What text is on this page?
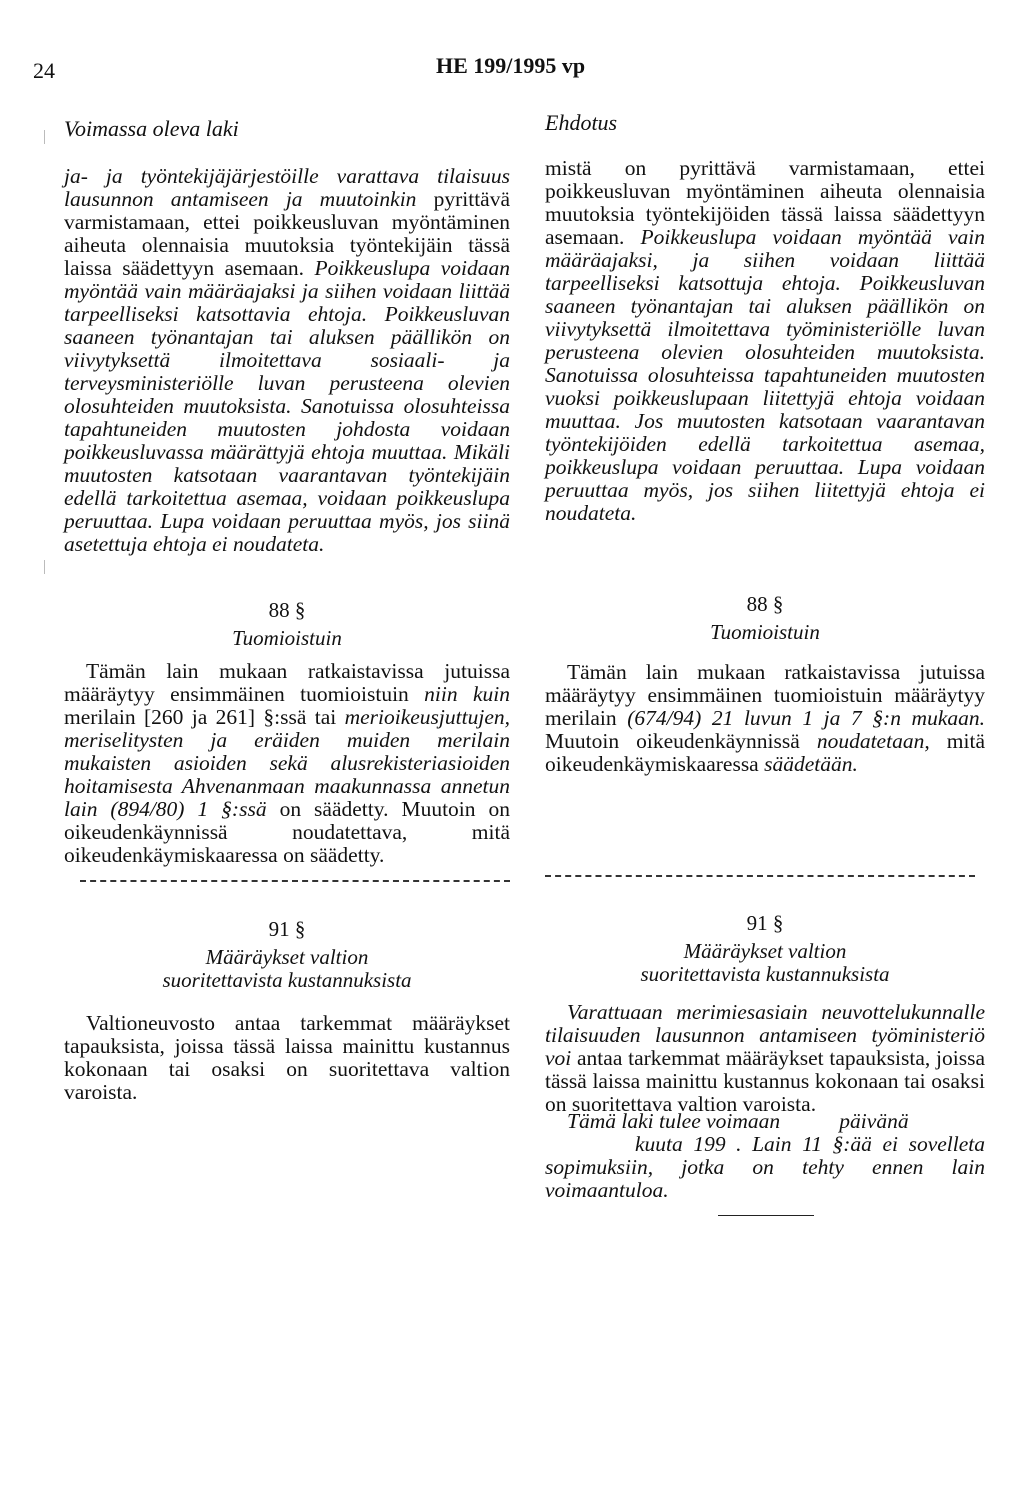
24	HE 199/1995 vp
Voimassa oleva laki	Ehdotus

ja- ja työntekijäjärjestöille varattava tilaisuus lausunnon antamiseen ja muutoinkin pyrittävä varmistamaan, ettei poikkeusluvan myöntäminen aiheuta olennaisia muutoksia työntekijäin tässä laissa säädettyyn asemaan. Poikkeuslupa voidaan myöntää vain määräajaksi ja siihen voidaan liittää tarpeelliseksi katsottavia ehtoja. Poikkeusluvan saaneen työnantajan tai aluksen päällikön on viivytyksettä ilmoitettava sosiaali- ja terveysministeriölle luvan perusteena olevien olosuhteiden muutoksista. Sanotuissa olosuhteissa tapahtuneiden muutosten johdosta voidaan poikkeusluvassa määrättyjä ehtoja muuttaa. Mikäli muutosten katsotaan vaarantavan työntekijäin edellä tarkoitettua asemaa, voidaan poikkeuslupa peruuttaa. Lupa voidaan peruuttaa myös, jos siinä asetettuja ehtoja ei noudateta.

88 §
Tuomioistuin

Tämän lain mukaan ratkaistavissa jutuissa määräytyy ensimmäinen tuomioistuin niin kuin merilain [260 ja 261] §:ssä tai merioikeusjuttujen, meriselitysten ja eräiden muiden merilain mukaisten asioiden sekä alusrekisteriasioiden hoitamisesta Ahvenanmaan maakunnassa annetun lain (894/80) 1 §:ssä on säädetty. Muutoin on oikeudenkäynnissä noudatettava, mitä oikeudenkäymiskaaressa on säädetty.

91 §
Määräykset valtion
suoritettavista kustannuksista

Valtioneuvosto antaa tarkemmat määräykset tapauksista, joissa tässä laissa mainittu kustannus kokonaan tai osaksi on suoritettava valtion varoista.

mistä on pyrittävä varmistamaan, ettei poikkeusluvan myöntäminen aiheuta olennaisia muutoksia työntekijöiden tässä laissa säädettyyn asemaan. Poikkeuslupa voidaan myöntää vain määräajaksi, ja siihen voidaan liittää tarpeelliseksi katsottuja ehtoja. Poikkeusluvan saaneen työnantajan tai aluksen päällikön on viivytyksettä ilmoitettava työministeriölle luvan perusteena olevien olosuhteiden muutoksista. Sanotuissa olosuhteissa tapahtuneiden muutosten vuoksi poikkeuslupaan liitettyjä ehtoja voidaan muuttaa. Jos muutosten katsotaan vaarantavan työntekijöiden edellä tarkoitettua asemaa, poikkeuslupa voidaan peruuttaa. Lupa voidaan peruuttaa myös, jos siihen liitettyjä ehtoja ei noudateta.

88 §
Tuomioistuin

Tämän lain mukaan ratkaistavissa jutuissa määräytyy ensimmäinen tuomioistuin määräytyy merilain (674/94) 21 luvun 1 ja 7 §:n mukaan. Muutoin oikeudenkäynnissä noudatetaan, mitä oikeudenkäymiskaaressa säädetään.

91 §
Määräykset valtion
suoritettavista kustannuksista

Varattuaan merimiesasiain neuvottelukunnalle tilaisuuden lausunnon antamiseen työministeriö voi antaa tarkemmat määräykset tapauksista, joissa tässä laissa mainittu kustannus kokonaan tai osaksi on suoritettava valtion varoista.

Tämä laki tulee voimaan           päivänä

kuuta 199 . Lain 11 §:ää ei sovelleta sopimuksiin, jotka on tehty ennen lain voimaantuloa.
